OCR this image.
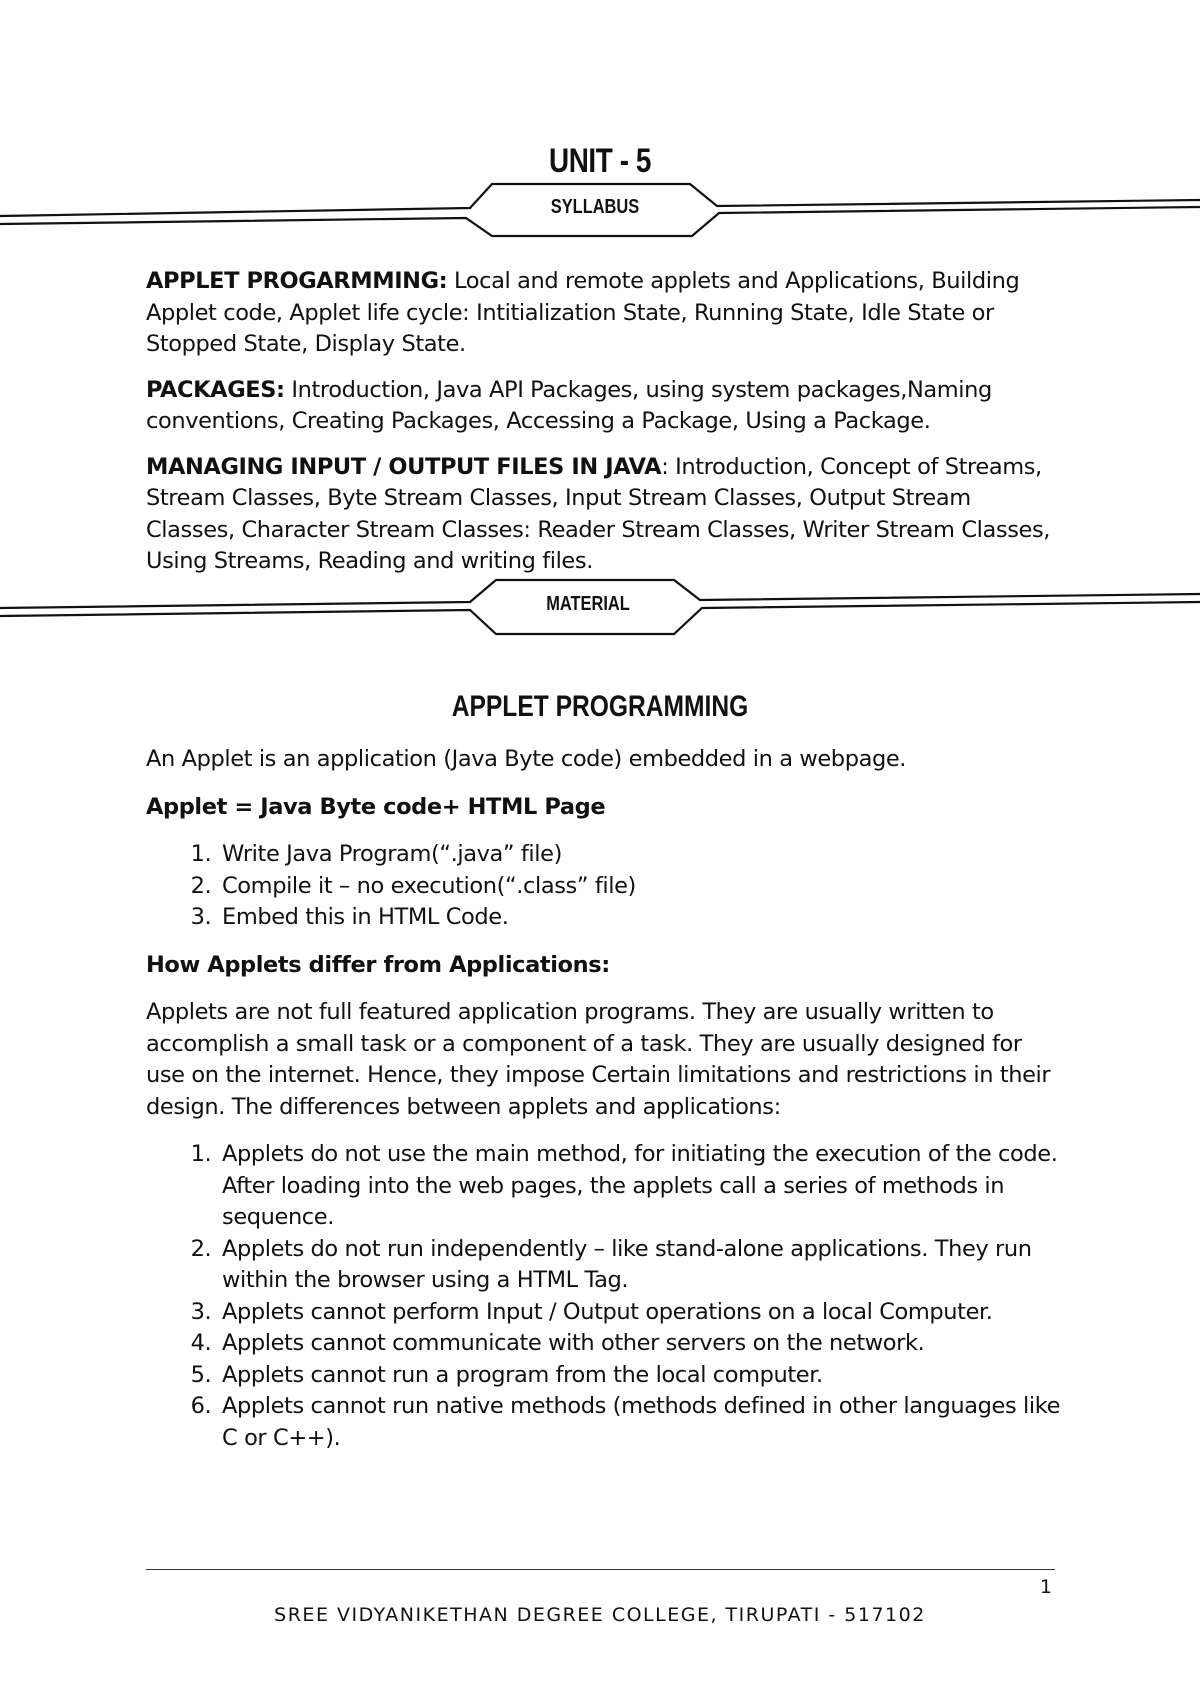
UNIT - 5
SYLLABUS

APPLET PROGARMMING: Local and remote applets and Applications, Building Applet code, Applet life cycle: Intitialization State, Running State, Idle State or Stopped State, Display State.

PACKAGES: Introduction, Java API Packages, using system packages,Naming conventions, Creating Packages, Accessing a Package, Using a Package.

MANAGING INPUT / OUTPUT FILES IN JAVA: Introduction, Concept of Streams, Stream Classes, Byte Stream Classes, Input Stream Classes, Output Stream Classes, Character Stream Classes: Reader Stream Classes, Writer Stream Classes, Using Streams, Reading and writing files.

MATERIAL
APPLET PROGRAMMING

An Applet is an application (Java Byte code) embedded in a webpage.

Applet = Java Byte code+ HTML Page

1. Write Java Program(“.java” file)
2. Compile it – no execution(“.class” file)
3. Embed this in HTML Code.

How Applets differ from Applications:

Applets are not full featured application programs. They are usually written to accomplish a small task or a component of a task. They are usually designed for use on the internet. Hence, they impose Certain limitations and restrictions in their design. The differences between applets and applications:

1. Applets do not use the main method, for initiating the execution of the code. After loading into the web pages, the applets call a series of methods in sequence.
2. Applets do not run independently – like stand-alone applications. They run within the browser using a HTML Tag.
3. Applets cannot perform Input / Output operations on a local Computer.
4. Applets cannot communicate with other servers on the network.
5. Applets cannot run a program from the local computer.
6. Applets cannot run native methods (methods defined in other languages like C or C++).
1
SREE VIDYANIKETHAN DEGREE COLLEGE, TIRUPATI - 517102
